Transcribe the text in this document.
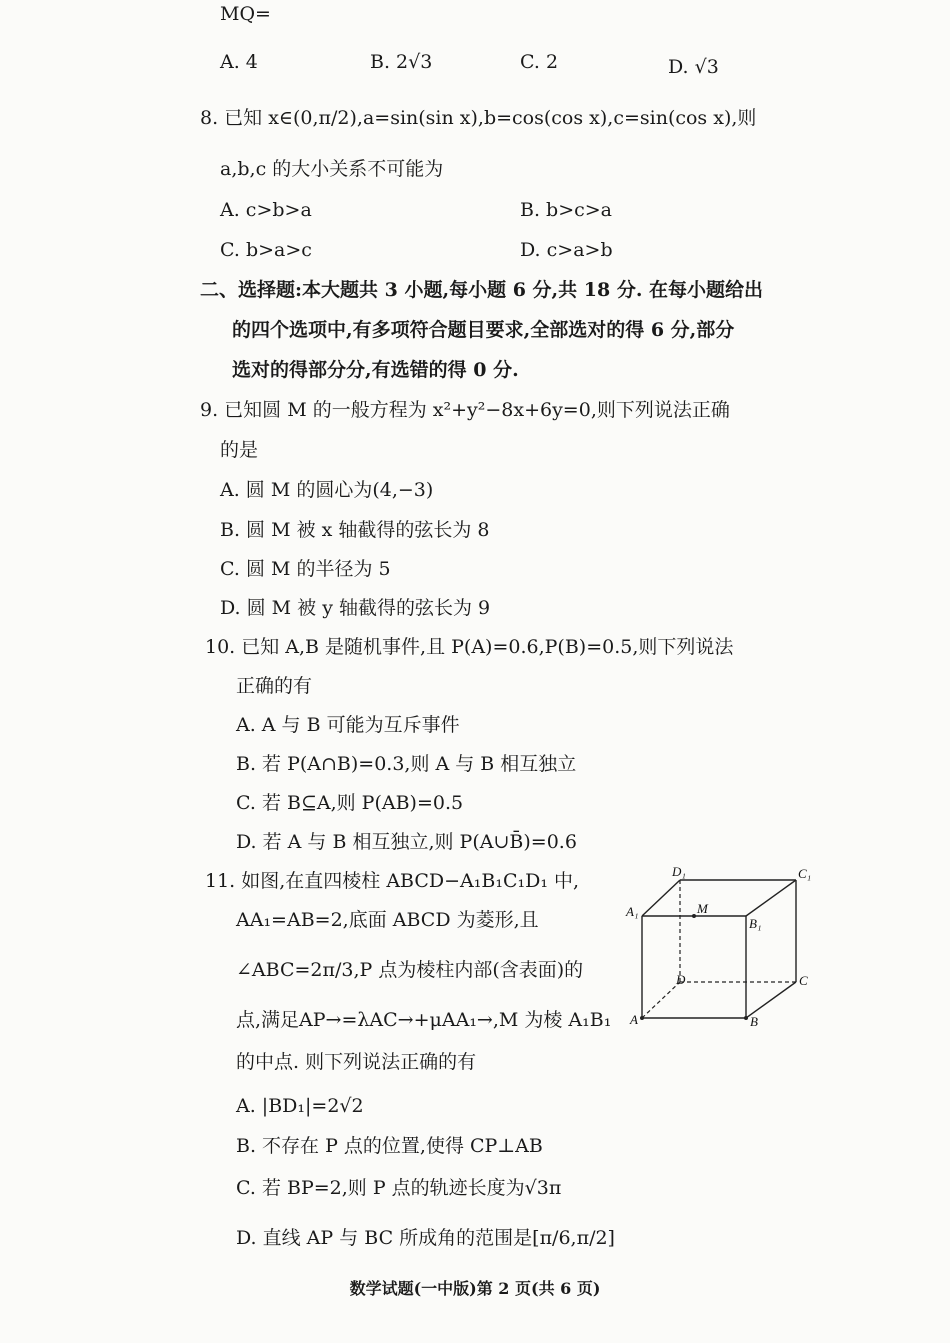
MQ=
A. 4	B. 2√3	C. 2	D. √3
8. 已知 x∈(0,π/2),a=sin(sin x),b=cos(cos x),c=sin(cos x),则
a,b,c 的大小关系不可能为
A. c>b>a	B. b>c>a
C. b>a>c	D. c>a>b
二、选择题:本大题共 3 小题,每小题 6 分,共 18 分. 在每小题给出
的四个选项中,有多项符合题目要求,全部选对的得 6 分,部分
选对的得部分分,有选错的得 0 分.
9. 已知圆 M 的一般方程为 x²+y²−8x+6y=0,则下列说法正确
的是
A. 圆 M 的圆心为(4,−3)
B. 圆 M 被 x 轴截得的弦长为 8
C. 圆 M 的半径为 5
D. 圆 M 被 y 轴截得的弦长为 9
10. 已知 A,B 是随机事件,且 P(A)=0.6,P(B)=0.5,则下列说法
正确的有
A. A 与 B 可能为互斥事件
B. 若 P(A∩B)=0.3,则 A 与 B 相互独立
C. 若 B⊆A,则 P(AB)=0.5
D. 若 A 与 B 相互独立,则 P(A∪B̄)=0.6
11. 如图,在直四棱柱 ABCD−A₁B₁C₁D₁ 中,
AA₁=AB=2,底面 ABCD 为菱形,且
∠ABC=2π/3,P 点为棱柱内部(含表面)的
点,满足AP→=λAC→+μAA₁→,M 为棱 A₁B₁
的中点. 则下列说法正确的有
A. |BD₁|=2√2
B. 不存在 P 点的位置,使得 CP⊥AB
C. 若 BP=2,则 P 点的轨迹长度为√3π
D. 直线 AP 与 BC 所成角的范围是[π/6,π/2]
D₁	C₁
A₁
B₁
M
D	C
A	B
数学试题(一中版)第 2 页(共 6 页)
